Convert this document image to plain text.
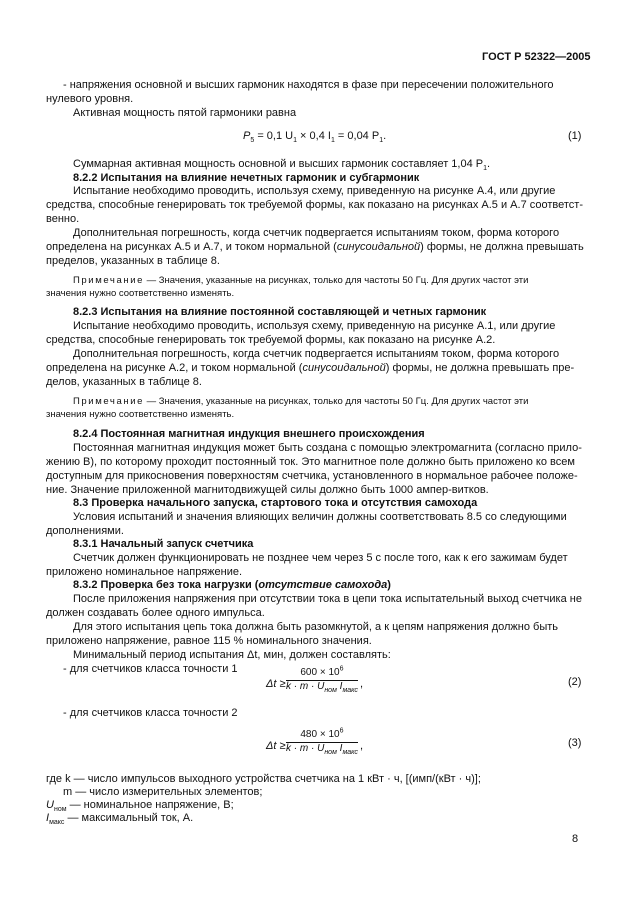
ГОСТ Р 52322—2005
- напряжения основной и высших гармоник находятся в фазе при пересечении положительного
нулевого уровня.
Активная мощность пятой гармоники равна
$P_5 = 0,1$ $U_1 \times 0,4$ $I_1 = 0,04$ $P_1$.	(1)
Суммарная активная мощность основной и высших гармоник составляет 1,04 $P_1$.
8.2.2 Испытания на влияние нечетных гармоник и субгармоник
Испытание необходимо проводить, используя схему, приведенную на рисунке А.4, или другие
средства, способные генерировать ток требуемой формы, как показано на рисунках А.5 и А.7 соответст-
венно.
Дополнительная погрешность, когда счетчик подвергается испытаниям током, форма которого
определена на рисунках А.5 и А.7, и током нормальной (синусоидальной) формы, не должна превышать
пределов, указанных в таблице 8.
Примечание — Значения, указанные на рисунках, только для частоты 50 Гц. Для других частот эти
значения нужно соответственно изменять.
8.2.3 Испытания на влияние постоянной составляющей и четных гармоник
Испытание необходимо проводить, используя схему, приведенную на рисунке А.1, или другие
средства, способные генерировать ток требуемой формы, как показано на рисунке А.2.
Дополнительная погрешность, когда счетчик подвергается испытаниям током, форма которого
определена на рисунке А.2, и током нормальной (синусоидальной) формы, не должна превышать пре-
делов, указанных в таблице 8.
Примечание — Значения, указанные на рисунках, только для частоты 50 Гц. Для других частот эти
значения нужно соответственно изменять.
8.2.4 Постоянная магнитная индукция внешнего происхождения
Постоянная магнитная индукция может быть создана с помощью электромагнита (согласно прило-
жению В), по которому проходит постоянный ток. Это магнитное поле должно быть приложено ко всем
доступным для прикосновения поверхностям счетчика, установленного в нормальное рабочее положе-
ние. Значение приложенной магнитодвижущей силы должно быть 1000 ампер-витков.
8.3 Проверка начального запуска, стартового тока и отсутствия самохода
Условия испытаний и значения влияющих величин должны соответствовать 8.5 со следующими
дополнениями.
8.3.1 Начальный запуск счетчика
Счетчик должен функционировать не позднее чем через 5 с после того, как к его зажимам будет
приложено номинальное напряжение.
8.3.2 Проверка без тока нагрузки (отсутствие самохода)
После приложения напряжения при отсутствии тока в цепи тока испытательный выход счетчика не
должен создавать более одного импульса.
Для этого испытания цепь тока должна быть разомкнутой, а к цепям напряжения должно быть
приложено напряжение, равное 115 % номинального значения.
Минимальный период испытания Δt, мин, должен составлять:
- для счетчиков класса точности 1
Δt ≥
$600 \times 10^6$
$k \cdot m \cdot U_{ном}$ $I_{макс}$
,	(2)
- для счетчиков класса точности 2
Δt ≥
$480 \times 10^6$
$k \cdot m \cdot U_{ном}$ $I_{макс}$
,	(3)
где k — число импульсов выходного устройства счетчика на 1 кВт · ч, [(имп/(кВт · ч)];
m — число измерительных элементов;
$U_{ном}$ — номинальное напряжение, В;
$I_{макс}$ — максимальный ток, А.
8
